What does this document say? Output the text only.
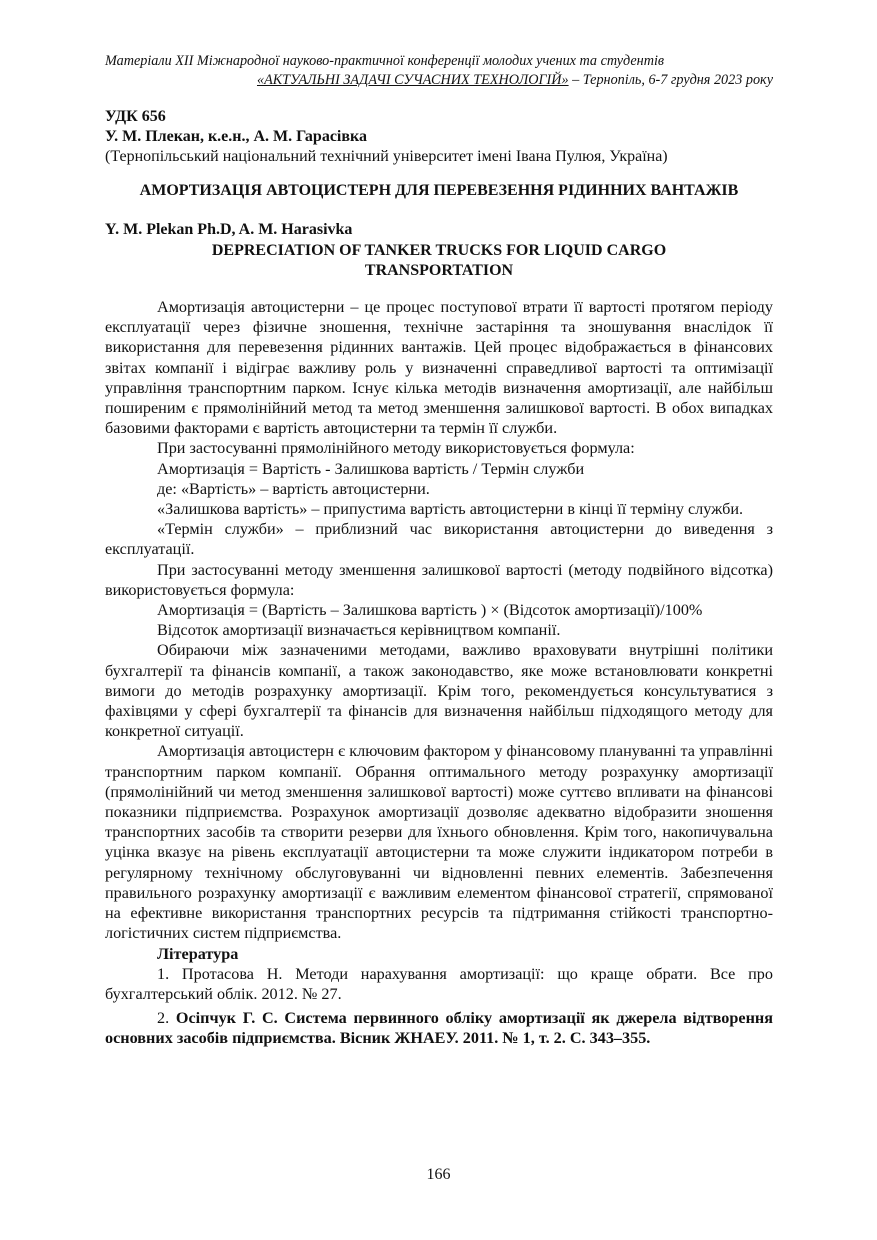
Матеріали XII Міжнародної науково-практичної конференції молодих учених та студентів
«АКТУАЛЬНІ ЗАДАЧІ СУЧАСНИХ ТЕХНОЛОГІЙ» – Тернопіль, 6-7 грудня 2023 року
УДК 656
У. М. Плекан, к.е.н., А. М. Гарасівка
(Тернопільський національний технічний університет імені Івана Пулюя, Україна)
АМОРТИЗАЦІЯ АВТОЦИСТЕРН ДЛЯ ПЕРЕВЕЗЕННЯ РІДИННИХ ВАНТАЖІВ
Y. M. Plekan Ph.D, A. M. Harasivka
DEPRECIATION OF TANKER TRUCKS FOR LIQUID CARGO
TRANSPORTATION

Амортизація автоцистерни – це процес поступової втрати її вартості протягом періоду експлуатації через фізичне зношення, технічне застаріння та зношування внаслідок її використання для перевезення рідинних вантажів. Цей процес відображається в фінансових звітах компанії і відіграє важливу роль у визначенні справедливої вартості та оптимізації управління транспортним парком. Існує кілька методів визначення амортизації, але найбільш поширеним є прямолінійний метод та метод зменшення залишкової вартості. В обох випадках базовими факторами є вартість автоцистерни та термін її служби.

При застосуванні прямолінійного методу використовується формула:

Амортизація = Вартість - Залишкова вартість / Термін служби

де: «Вартість» – вартість автоцистерни.

«Залишкова вартість» – припустима вартість автоцистерни в кінці її терміну служби.

«Термін служби» – приблизний час використання автоцистерни до виведення з експлуатації.

При застосуванні методу зменшення залишкової вартості (методу подвійного відсотка) використовується формула:

Амортизація = (Вартість – Залишкова вартість ) × (Відсоток амортизації)/100%

Відсоток амортизації визначається керівництвом компанії.

Обираючи між зазначеними методами, важливо враховувати внутрішні політики бухгалтерії та фінансів компанії, а також законодавство, яке може встановлювати конкретні вимоги до методів розрахунку амортизації. Крім того, рекомендується консультуватися з фахівцями у сфері бухгалтерії та фінансів для визначення найбільш підходящого методу для конкретної ситуації.

Амортизація автоцистерн є ключовим фактором у фінансовому плануванні та управлінні транспортним парком компанії. Обрання оптимального методу розрахунку амортизації (прямолінійний чи метод зменшення залишкової вартості) може суттєво впливати на фінансові показники підприємства. Розрахунок амортизації дозволяє адекватно відобразити зношення транспортних засобів та створити резерви для їхнього обновлення. Крім того, накопичувальна уцінка вказує на рівень експлуатації автоцистерни та може служити індикатором потреби в регулярному технічному обслуговуванні чи відновленні певних елементів. Забезпечення правильного розрахунку амортизації є важливим елементом фінансової стратегії, спрямованої на ефективне використання транспортних ресурсів та підтримання стійкості транспортно-логістичних систем підприємства.

Література

1. Протасова Н. Методи нарахування амортизації: що краще обрати. Все про бухгалтерський облік. 2012. № 27.

2. Осіпчук Г. С. Система первинного обліку амортизації як джерела відтворення основних засобів підприємства. Вісник ЖНАЕУ. 2011. № 1, т. 2. С. 343–355.

166
